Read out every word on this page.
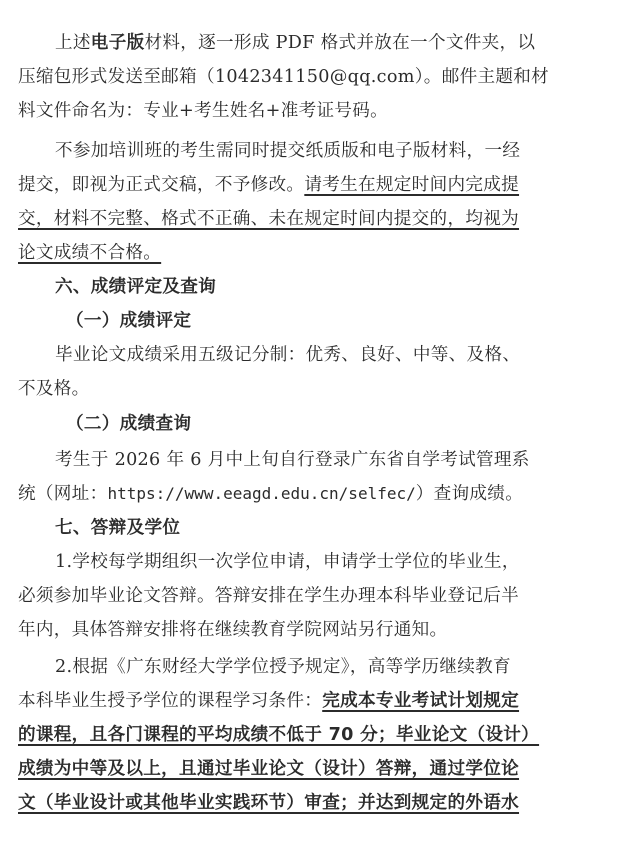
上述电子版材料，逐一形成 PDF 格式并放在一个文件夹，以
压缩包形式发送至邮箱（1042341150@qq.com）。邮件主题和材
料文件命名为：专业+考生姓名+准考证号码。
不参加培训班的考生需同时提交纸质版和电子版材料，一经
提交，即视为正式交稿，不予修改。请考生在规定时间内完成提
交，材料不完整、格式不正确、未在规定时间内提交的，均视为
论文成绩不合格。
六、成绩评定及查询
（一）成绩评定
毕业论文成绩采用五级记分制：优秀、良好、中等、及格、
不及格。
（二）成绩查询
考生于 2026 年 6 月中上旬自行登录广东省自学考试管理系
统（网址：https://www.eeagd.edu.cn/selfec/）查询成绩。
七、答辩及学位
1.学校每学期组织一次学位申请，申请学士学位的毕业生，
必须参加毕业论文答辩。答辩安排在学生办理本科毕业登记后半
年内，具体答辩安排将在继续教育学院网站另行通知。
2.根据《广东财经大学学位授予规定》，高等学历继续教育
本科毕业生授予学位的课程学习条件：完成本专业考试计划规定
的课程，且各门课程的平均成绩不低于 70 分；毕业论文（设计）
成绩为中等及以上，且通过毕业论文（设计）答辩，通过学位论
文（毕业设计或其他毕业实践环节）审查；并达到规定的外语水
